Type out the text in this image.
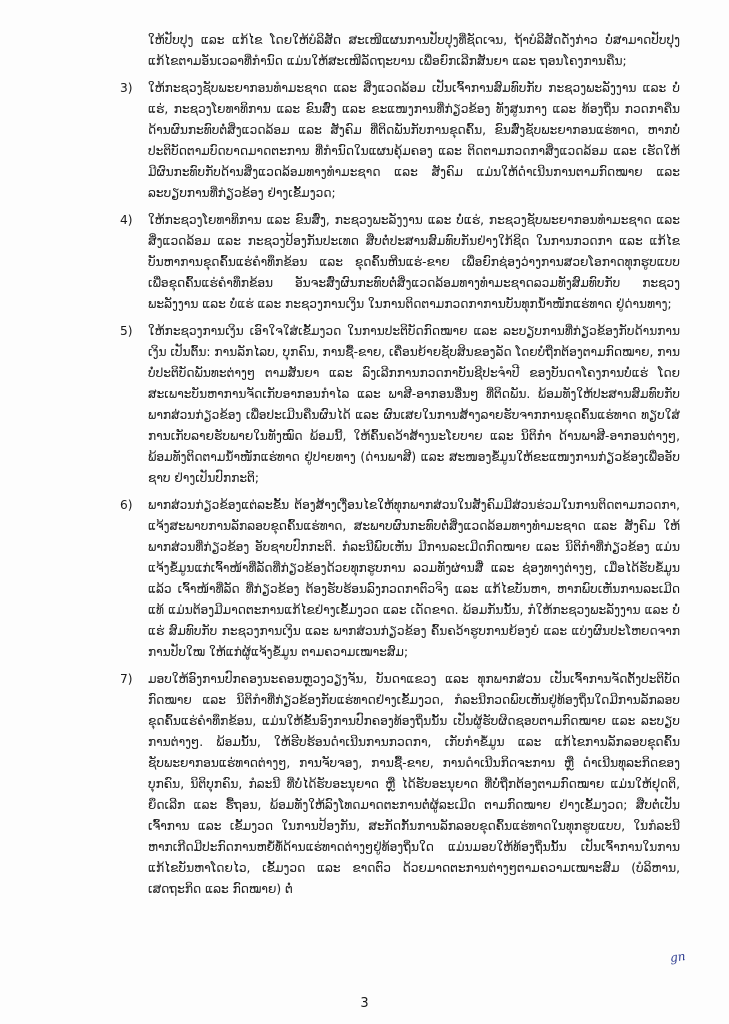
ໃຫ້ປັບປຸງ ແລະ ແກ້ໄຂ ໂດຍໃຫ້ບໍລິສັດ ສະເໜີແຜນການປັບປຸງທີ່ຊັດເຈນ, ຖ້າບໍລິສັດດັ່ງກ່າວ ບໍ່ສາມາດປັບປຸງແກ້ໄຂຕາມອັນເວລາທີ່ກໍານົດ ແມ່ນໃຫ້ສະເໜີລັດຖະບານ ເພື່ອຍົກເລີກສັນຍາ ແລະ ຖອນໂຄງການຄືນ;

3)	ໃຫ້ກະຊວງຊັບພະຍາກອນທໍາມະຊາດ ແລະ ສິ່ງແວດລ້ອມ ເປັນເຈົ້າການສົມທົບກັບ ກະຊວງພະລັງງານ ແລະ ບໍ່ແຮ່, ກະຊວງໂຍທາທິການ ແລະ ຂົນສົ່ງ ແລະ ຂະແໜງການທີ່ກ່ຽວຂ້ອງ ທັງສູນກາງ ແລະ ທ້ອງຖິ່ນ ກວດກາຄືນ ດ້ານຜົນກະທົບຕໍ່ສິ່ງແວດລ້ອມ ແລະ ສັງຄົມ ທີ່ຕິດພັນກັບການຂຸດຄົ້ນ, ຂົນສົ່ງຊັບພະຍາກອນແຮ່ທາດ, ຫາກບໍ່ປະຕິບັດຕາມບົດບາດມາດຕະການ ທີ່ກໍານົດໃນແຜນຄຸ້ມຄອງ ແລະ ຕິດຕາມກວດກາສິ່ງແວດລ້ອມ ແລະ ເຮັດໃຫ້ມີຜົນກະທົບກັບດ້ານສິ່ງແວດລ້ອມທາງທໍາມະຊາດ ແລະ ສັງຄົມ ແມ່ນໃຫ້ດໍາເນີນການຕາມກົດໝາຍ ແລະ ລະບຽບການທີ່ກ່ຽວຂ້ອງ ຢ່າງເຂັ້ມງວດ;
4)	ໃຫ້ກະຊວງໂຍທາທິການ ແລະ ຂົນສົ່ງ, ກະຊວງພະລັງງານ ແລະ ບໍ່ແຮ່, ກະຊວງຊັບພະຍາກອນທໍາມະຊາດ ແລະ ສິ່ງແວດລ້ອມ ແລະ ກະຊວງປ້ອງກັນປະເທດ ສືບຕໍ່ປະສານສົມທົບກັນຢ່າງໃກ້ຊິດ ໃນການກວດກາ ແລະ ແກ້ໄຂບັນຫາການຂຸດຄົ້ນແຮ່ຄໍາທຶກຂ້ອນ ແລະ ຂຸດຄົ້ນຫີນແຮ່-ຂາຍ ເພື່ອຍົກຊ່ອງວ່າງການສວຍໂອກາດທຸກຮູບແບບ ເພື່ອຂຸດຄົ້ນແຮ່ຄໍາທຶກຂ້ອນ ອັນຈະສົ່ງຜົນກະທົບຕໍ່ສິ່ງແວດລ້ອມທາງທໍາມະຊາດລວມທັງສົມທົບກັບ ກະຊວງພະລັງງານ ແລະ ບໍ່ແຮ່ ແລະ ກະຊວງການເງິນ ໃນການຕິດຕາມກວດກາການບັນທຸກນໍ້າໜັກແຮ່ທາດ ຢູ່ດ່ານທາງ;
5)	ໃຫ້ກະຊວງການເງິນ ເອົາໃຈໃສ່ເຂັ້ມງວດ ໃນການປະຕິບັດກົດໝາຍ ແລະ ລະບຽບການທີ່ກ່ຽວຂ້ອງກັບດ້ານການເງິນ ເປັນຕົ້ນ: ການລັກໄລບ, ບຸກຄົນ, ການຊື້-ຂາຍ, ເຄື່ອນຍ້າຍຊັບສິນຂອງລັດ ໂດຍບໍ່ຖືກຕ້ອງຕາມກົດໝາຍ, ການບໍ່ປະຕິບັດພັນທະຕ່າງໆ ຕາມສັນຍາ ແລະ ລົງເລີກການກວດກາບັນຊີປະຈໍາປີ ຂອງບັນດາໂຄງການບໍ່ແຮ່ ໂດຍສະເພາະບັນຫາການຈັດເກັບອາກອນກໍາໄລ ແລະ ພາສີ-ອາກອນອື່ນໆ ທີ່ຕິດພັນ. ພ້ອມທັງໃຫ້ປະສານສົມທົບກັບພາກສ່ວນກ່ຽວຂ້ອງ ເພື່ອປະເມີນຄືນຜົນໄດ້ ແລະ ຜົນເສຍໃນການສ້າງລາຍຮັບຈາກການຂຸດຄົ້ນແຮ່ທາດ ທຽບໃສ່ການເກັບລາຍຮັບພາຍໃນທັງໝົດ ພ້ອມນີ້, ໃຫ້ຄົ້ນຄວ້າສ້າງນະໂຍບາຍ ແລະ ນິຕິກໍາ ດ້ານພາສີ-ອາກອນຕ່າງໆ, ພ້ອມທັງຕິດຕາມນໍ້າໜັກແຮ່ທາດ ຢູ່ປາຍທາງ (ດ່ານພາສີ) ແລະ ສະໜອງຂໍ້ມູນໃຫ້ຂະແໜງການກ່ຽວຂ້ອງເພື່ອອັບຊາບ ຢ່າງເປັນປົກກະຕິ;
6)	ພາກສ່ວນກ່ຽວຂ້ອງແຕ່ລະຂັ້ນ ຕ້ອງສ້າງເງື່ອນໄຂໃຫ້ທຸກພາກສ່ວນໃນສັງຄົມມີສ່ວນຮ່ວມໃນການຕິດຕາມກວດກາ, ແຈ້ງສະພາບການລັກລອບຂຸດຄົ້ນແຮ່ທາດ, ສະພາບຜົນກະທົບຕໍ່ສິ່ງແວດລ້ອມທາງທໍາມະຊາດ ແລະ ສັງຄົມ ໃຫ້ພາກສ່ວນທີ່ກ່ຽວຂ້ອງ ອັບຊາບປົກກະຕິ. ກໍລະນີພົບເຫັນ ມີການລະເມີດກົດໝາຍ ແລະ ນິຕິກໍາທີ່ກ່ຽວຂ້ອງ ແມ່ນແຈ້ງຂໍ້ມູນແກ່ເຈົ້າໜ້າທີ່ລັດທີ່ກ່ຽວຂ້ອງດ້ວຍທຸກຮູບການ ລວມທັງຜ່ານສື່ ແລະ ຊ່ອງທາງຕ່າງໆ, ເມື່ອໄດ້ຮັບຂໍ້ມູນແລ້ວ ເຈົ້າໜ້າທີ່ລັດ ທີ່ກ່ຽວຂ້ອງ ຕ້ອງຮັບຮ້ອນລົງກວດກາຕົວຈິງ ແລະ ແກ້ໄຂບັນຫາ, ຫາກພົບເຫັນການລະເມີດແທ້ ແມ່ນຕ້ອງມີມາດຕະການແກ້ໄຂຢ່າງເຂັ້ມງວດ ແລະ ເດັດຂາດ. ພ້ອມກັນນັ້ນ, ກໍໃຫ້ກະຊວງພະລັງງານ ແລະ ບໍ່ແຮ່ ສົມທົບກັບ ກະຊວງການເງິນ ແລະ ພາກສ່ວນກ່ຽວຂ້ອງ ຄົ້ນຄວ້າຮູບການຍ້ອງຍໍ ແລະ ແບ່ງຜົນປະໂຫຍດຈາກການປັບໃໝ ໃຫ້ແກ່ຜູ້ແຈ້ງຂໍ້ມູນ ຕາມຄວາມເໝາະສົມ;
7)	ມອບໃຫ້ອົງການປົກຄອງນະຄອນຫຼວງວຽງຈັນ, ບັນດາແຂວງ ແລະ ທຸກພາກສ່ວນ ເປັນເຈົ້າການຈັດຕັ້ງປະຕິບັດກົດໝາຍ ແລະ ນິຕິກໍາທີ່ກ່ຽວຂ້ອງກັບແຮ່ທາດຢ່າງເຂັ້ມງວດ, ກໍລະນີກວດພົບເຫັນຢູ່ທ້ອງຖິ່ນໃດມີການລັກລອບຂຸດຄົ້ນແຮ່ຄໍາທຶກຂ້ອນ, ແມ່ນໃຫ້ຂັ້ນອົງການປົກຄອງທ້ອງຖິ່ນນັ້ນ ເປັນຜູ້ຮັບຜິດຊອບຕາມກົດໝາຍ ແລະ ລະບຽບການຕ່າງໆ. ພ້ອມນັ້ນ, ໃຫ້ຮີບຮ້ອນດໍາເນີນການກວດກາ, ເກັບກໍາຂໍ້ມູນ ແລະ ແກ້ໄຂການລັກລອບຂຸດຄົ້ນຊັບພະຍາກອນແຮ່ທາດຕ່າງໆ, ການຈັບຈອງ, ການຊື້-ຂາຍ, ການດໍາເນີນກິດຈະການ ຫຼື ດໍາເນີນທຸລະກິດຂອງບຸກຄົນ, ນິຕິບຸກຄົນ, ກໍລະນີ ທີ່ບໍ່ໄດ້ຮັບອະນຸຍາດ ຫຼື ໄດ້ຮັບອະນຸຍາດ ທີ່ບໍ່ຖືກຕ້ອງຕາມກົດໝາຍ ແມ່ນໃຫ້ຢຸດຕິ, ຍຶດເລີກ ແລະ ຮື້ຖອນ, ພ້ອມທັງໃຫ້ລົງໂທດມາດຕະການຕໍ່ຜູ້ລະເມີດ ຕາມກົດໝາຍ ຢ່າງເຂັ້ມງວດ; ສືບຕໍ່ເປັນເຈົ້າການ ແລະ ເຂັ້ມງວດ ໃນການປ້ອງກັນ, ສະກັດກັ້ນການລັກລອບຂຸດຄົ້ນແຮ່ທາດໃນທຸກຮູບແບບ, ໃນກໍລະນີ ຫາກເກີດມີປະກົດການຫຍໍ້ທໍ້ດ້ານແຮ່ທາດຕ່າງໆຢູ່ທ້ອງຖິ່ນໃດ ແມ່ນມອບໃຫ້ທ້ອງຖິ່ນນັ້ນ ເປັນເຈົ້າການໃນການແກ້ໄຂບັນຫາໂດຍໄວ, ເຂັ້ມງວດ ແລະ ຂາດຕົວ ດ້ວຍມາດຕະການຕ່າງໆຕາມຄວາມເໝາະສົມ (ບໍລິຫານ, ເສດຖະກິດ ແລະ ກົດໝາຍ) ຕໍ່
gn
3
